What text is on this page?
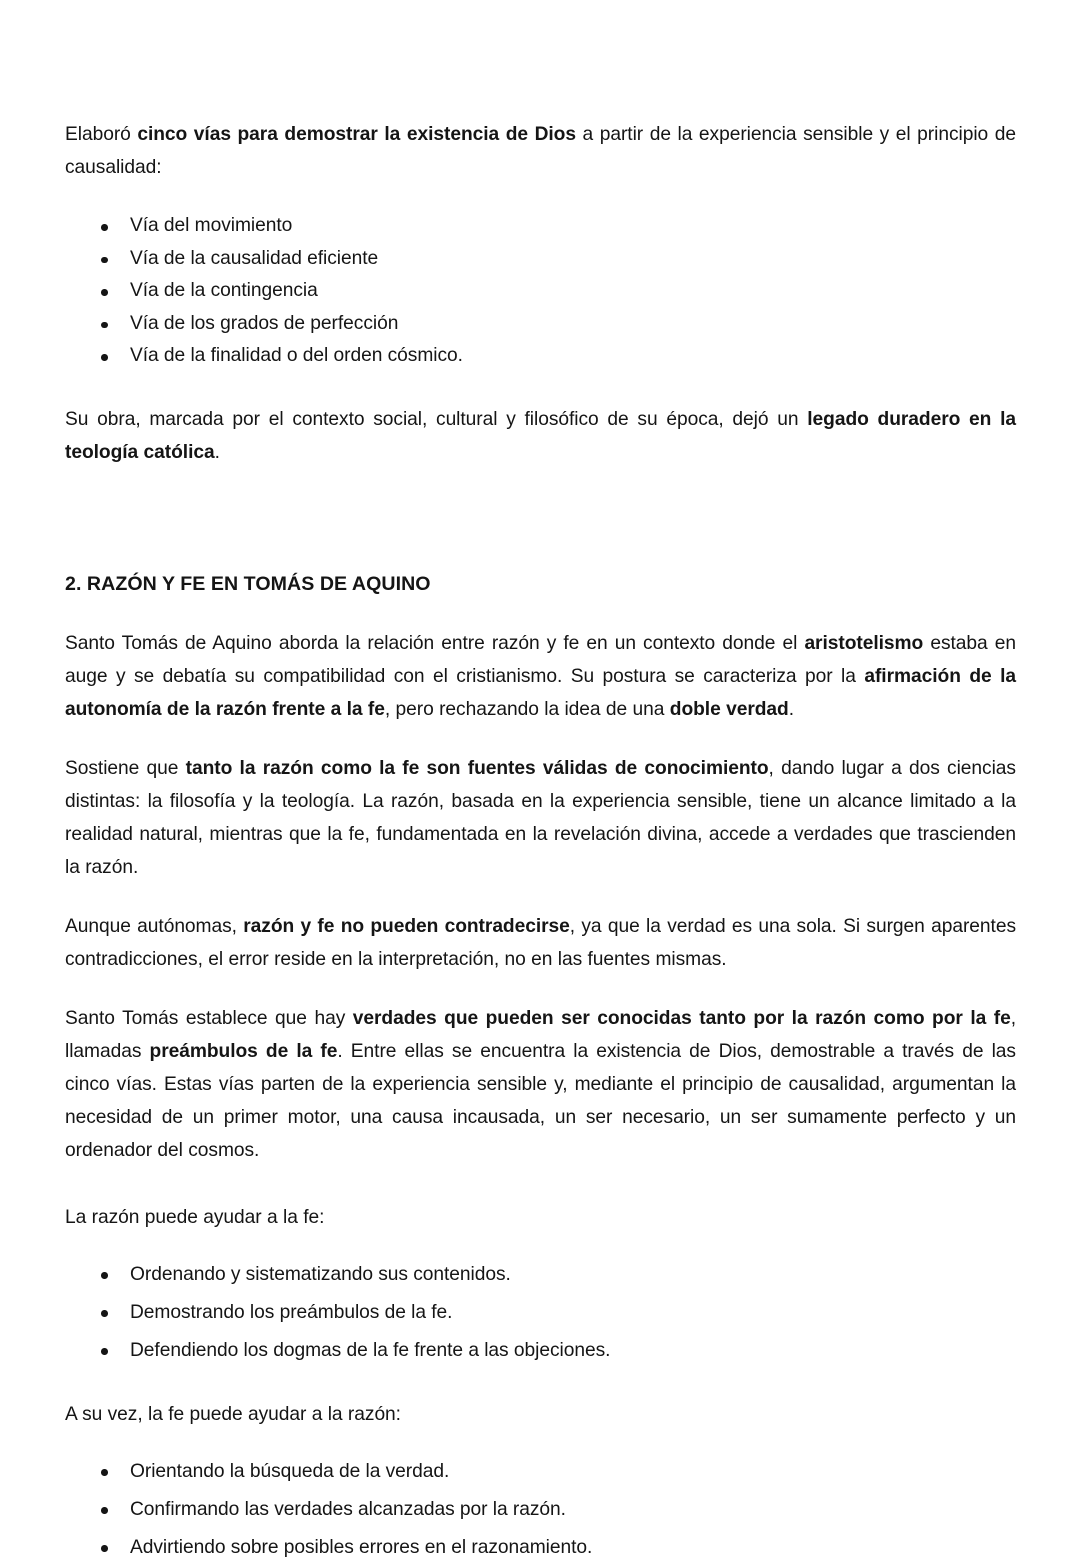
Elaboró cinco vías para demostrar la existencia de Dios a partir de la experiencia sensible y el principio de causalidad:

Vía del movimiento
Vía de la causalidad eficiente
Vía de la contingencia
Vía de los grados de perfección
Vía de la finalidad o del orden cósmico.

Su obra, marcada por el contexto social, cultural y filosófico de su época, dejó un legado duradero en la teología católica.

2. RAZÓN Y FE EN TOMÁS DE AQUINO

Santo Tomás de Aquino aborda la relación entre razón y fe en un contexto donde el aristotelismo estaba en auge y se debatía su compatibilidad con el cristianismo. Su postura se caracteriza por la afirmación de la autonomía de la razón frente a la fe, pero rechazando la idea de una doble verdad.

Sostiene que tanto la razón como la fe son fuentes válidas de conocimiento, dando lugar a dos ciencias distintas: la filosofía y la teología. La razón, basada en la experiencia sensible, tiene un alcance limitado a la realidad natural, mientras que la fe, fundamentada en la revelación divina, accede a verdades que trascienden la razón.

Aunque autónomas, razón y fe no pueden contradecirse, ya que la verdad es una sola. Si surgen aparentes contradicciones, el error reside en la interpretación, no en las fuentes mismas.

Santo Tomás establece que hay verdades que pueden ser conocidas tanto por la razón como por la fe, llamadas preámbulos de la fe. Entre ellas se encuentra la existencia de Dios, demostrable a través de las cinco vías. Estas vías parten de la experiencia sensible y, mediante el principio de causalidad, argumentan la necesidad de un primer motor, una causa incausada, un ser necesario, un ser sumamente perfecto y un ordenador del cosmos.

La razón puede ayudar a la fe:

Ordenando y sistematizando sus contenidos.
Demostrando los preámbulos de la fe.
Defendiendo los dogmas de la fe frente a las objeciones.

A su vez, la fe puede ayudar a la razón:

Orientando la búsqueda de la verdad.
Confirmando las verdades alcanzadas por la razón.
Advirtiendo sobre posibles errores en el razonamiento.
